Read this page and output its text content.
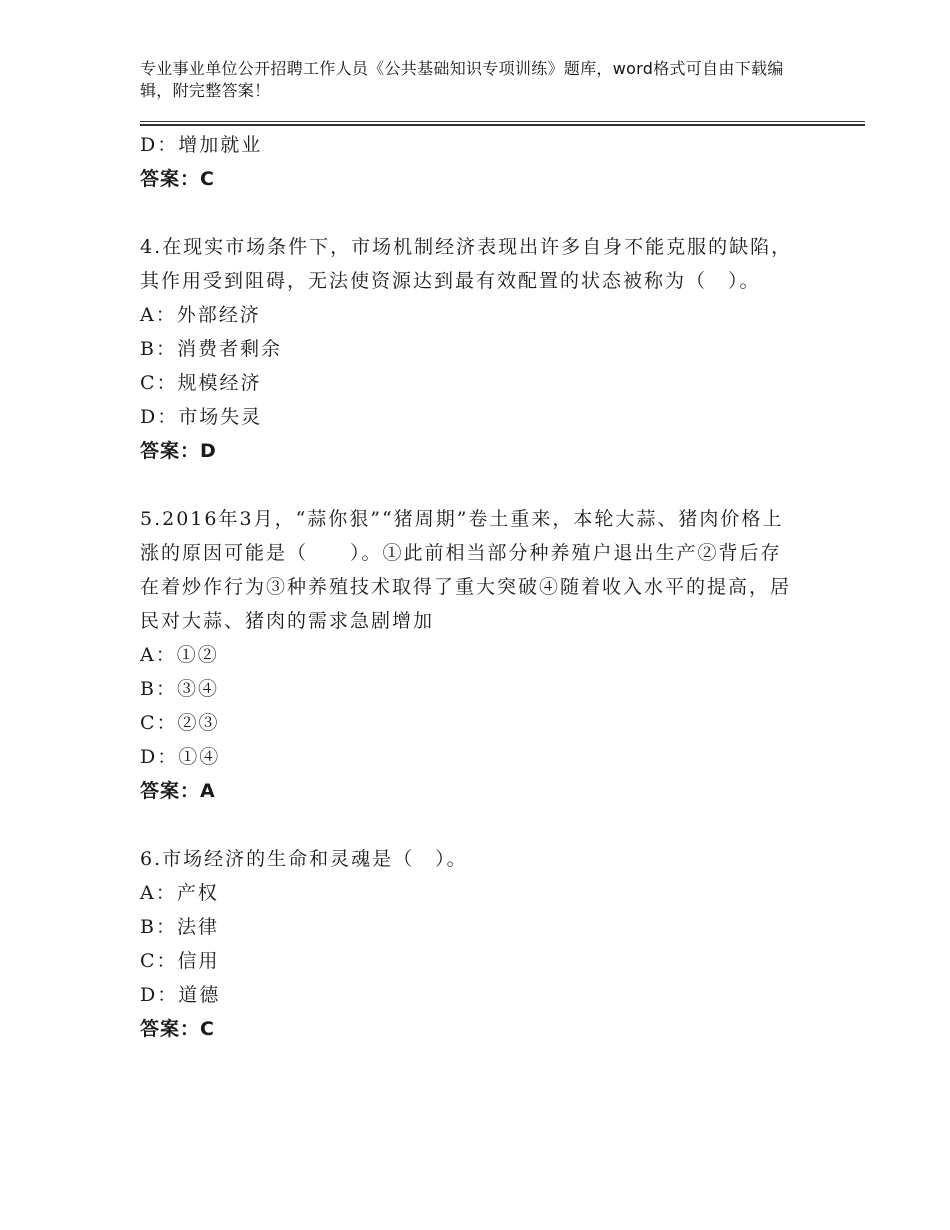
专业事业单位公开招聘工作人员《公共基础知识专项训练》题库，word格式可自由下载编辑，附完整答案！
D：增加就业
答案：C
4.在现实市场条件下，市场机制经济表现出许多自身不能克服的缺陷，其作用受到阻碍，无法使资源达到最有效配置的状态被称为（　）。
A：外部经济
B：消费者剩余
C：规模经济
D：市场失灵
答案：D
5.2016年3月，“蒜你狠”“猪周期”卷土重来，本轮大蒜、猪肉价格上涨的原因可能是（　　）。①此前相当部分种养殖户退出生产②背后存在着炒作行为③种养殖技术取得了重大突破④随着收入水平的提高，居民对大蒜、猪肉的需求急剧增加
A：①②
B：③④
C：②③
D：①④
答案：A
6.市场经济的生命和灵魂是（　）。
A：产权
B：法律
C：信用
D：道德
答案：C
